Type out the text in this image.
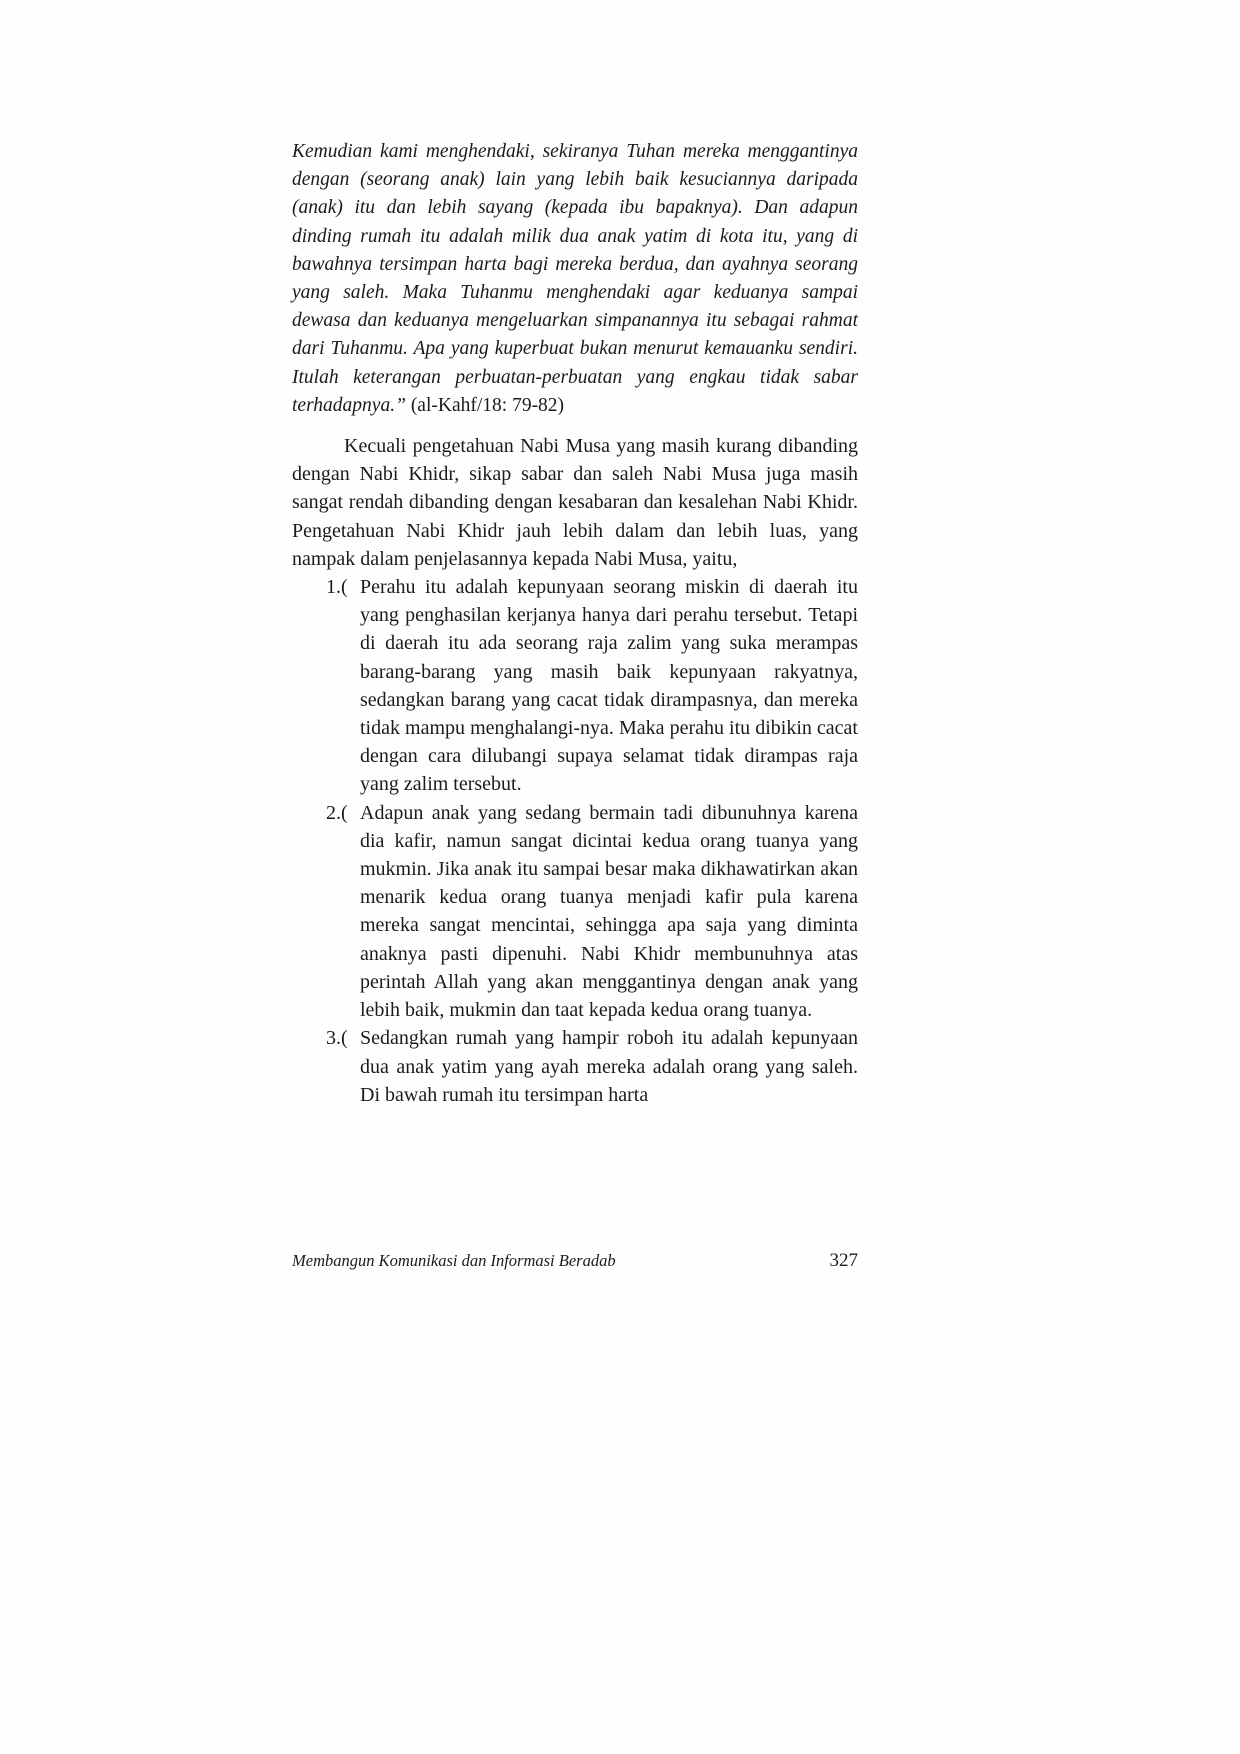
Kemudian kami menghendaki, sekiranya Tuhan mereka menggantinya dengan (seorang anak) lain yang lebih baik kesuciannya daripada (anak) itu dan lebih sayang (kepada ibu bapaknya). Dan adapun dinding rumah itu adalah milik dua anak yatim di kota itu, yang di bawahnya tersimpan harta bagi mereka berdua, dan ayahnya seorang yang saleh. Maka Tuhanmu menghendaki agar keduanya sampai dewasa dan keduanya mengeluarkan simpanannya itu sebagai rahmat dari Tuhanmu. Apa yang kuperbuat bukan menurut kemauanku sendiri. Itulah keterangan perbuatan-perbuatan yang engkau tidak sabar terhadapnya.” (al-Kahf/18: 79-82)

Kecuali pengetahuan Nabi Musa yang masih kurang dibanding dengan Nabi Khidr, sikap sabar dan saleh Nabi Musa juga masih sangat rendah dibanding dengan kesabaran dan kesalehan Nabi Khidr. Pengetahuan Nabi Khidr jauh lebih dalam dan lebih luas, yang nampak dalam penjelasannya kepada Nabi Musa, yaitu,

1.( Perahu itu adalah kepunyaan seorang miskin di daerah itu yang penghasilan kerjanya hanya dari perahu tersebut. Tetapi di daerah itu ada seorang raja zalim yang suka merampas barang-barang yang masih baik kepunyaan rakyatnya, sedangkan barang yang cacat tidak dirampasnya, dan mereka tidak mampu menghalangi-nya. Maka perahu itu dibikin cacat dengan cara dilubangi supaya selamat tidak dirampas raja yang zalim tersebut.
2.( Adapun anak yang sedang bermain tadi dibunuhnya karena dia kafir, namun sangat dicintai kedua orang tuanya yang mukmin. Jika anak itu sampai besar maka dikhawatirkan akan menarik kedua orang tuanya menjadi kafir pula karena mereka sangat mencintai, sehingga apa saja yang diminta anaknya pasti dipenuhi. Nabi Khidr membunuhnya atas perintah Allah yang akan menggantinya dengan anak yang lebih baik, mukmin dan taat kepada kedua orang tuanya.
3.( Sedangkan rumah yang hampir roboh itu adalah kepunyaan dua anak yatim yang ayah mereka adalah orang yang saleh. Di bawah rumah itu tersimpan harta
Membangun Komunikasi dan Informasi Beradab	327
